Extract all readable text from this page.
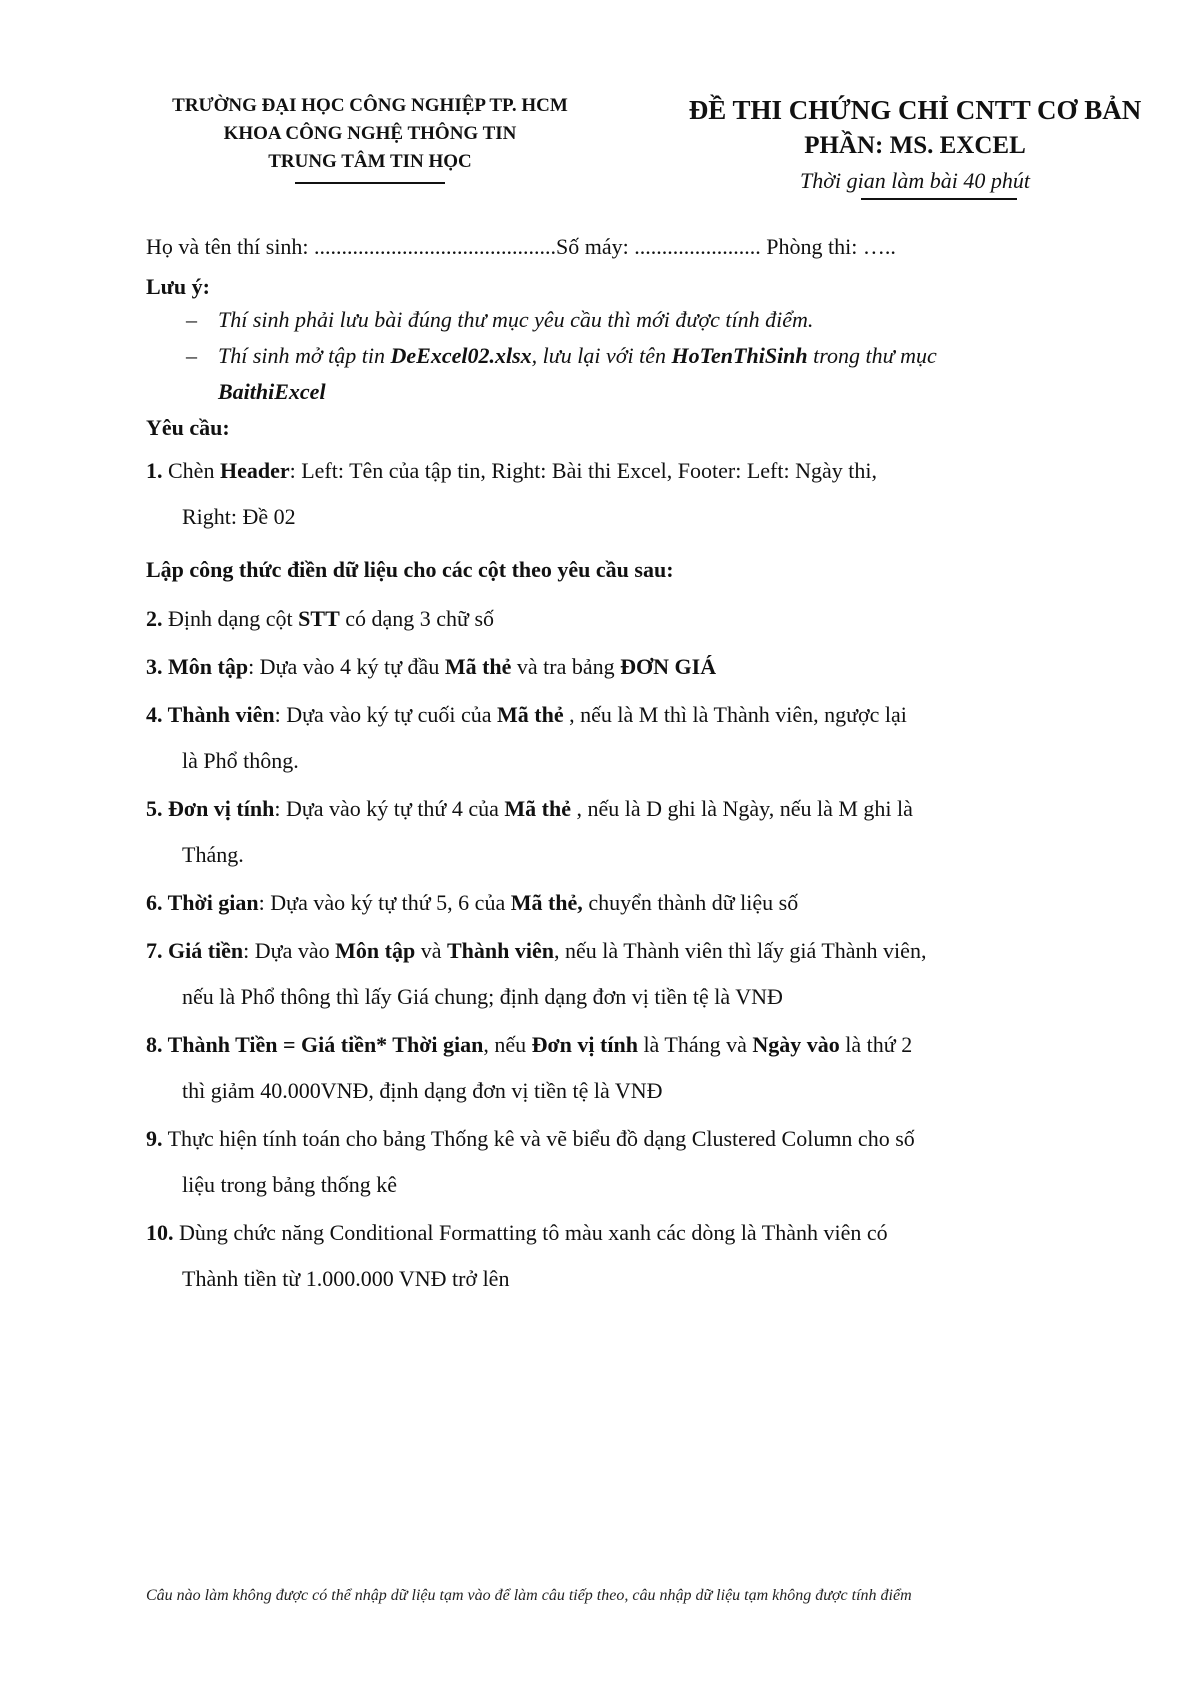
TRƯỜNG ĐẠI HỌC CÔNG NGHIỆP TP. HCM
KHOA CÔNG NGHỆ THÔNG TIN
TRUNG TÂM TIN HỌC
ĐỀ THI CHỨNG CHỈ CNTT CƠ BẢN
PHẦN: MS. EXCEL
Thời gian làm bài 40 phút
Họ và tên thí sinh: ............................................Số máy: ....................... Phòng thi: …..
Lưu ý:
– Thí sinh phải lưu bài đúng thư mục yêu cầu thì mới được tính điểm.
– Thí sinh mở tập tin DeExcel02.xlsx, lưu lại với tên HoTenThiSinh trong thư mục
BaithiExcel
Yêu cầu:
1. Chèn Header: Left: Tên của tập tin, Right: Bài thi Excel, Footer: Left: Ngày thi,
Right: Đề 02
Lập công thức điền dữ liệu cho các cột theo yêu cầu sau:
2. Định dạng cột STT có dạng 3 chữ số
3. Môn tập: Dựa vào 4 ký tự đầu Mã thẻ và tra bảng ĐƠN GIÁ
4. Thành viên: Dựa vào ký tự cuối của Mã thẻ , nếu là M thì là Thành viên, ngược lại
là Phổ thông.
5. Đơn vị tính: Dựa vào ký tự thứ 4 của Mã thẻ , nếu là D ghi là Ngày, nếu là M ghi là
Tháng.
6. Thời gian: Dựa vào ký tự thứ 5, 6 của Mã thẻ, chuyển thành dữ liệu số
7. Giá tiền: Dựa vào Môn tập và Thành viên, nếu là Thành viên thì lấy giá Thành viên,
nếu là Phổ thông thì lấy Giá chung; định dạng đơn vị tiền tệ là VNĐ
8. Thành Tiền = Giá tiền* Thời gian, nếu Đơn vị tính là Tháng và Ngày vào là thứ 2
thì giảm 40.000VNĐ, định dạng đơn vị tiền tệ là VNĐ
9. Thực hiện tính toán cho bảng Thống kê và vẽ biểu đồ dạng Clustered Column cho số
liệu trong bảng thống kê
10. Dùng chức năng Conditional Formatting tô màu xanh các dòng là Thành viên có
Thành tiền từ 1.000.000 VNĐ trở lên
Câu nào làm không được có thể nhập dữ liệu tạm vào để làm câu tiếp theo, câu nhập dữ liệu tạm không được tính điểm
